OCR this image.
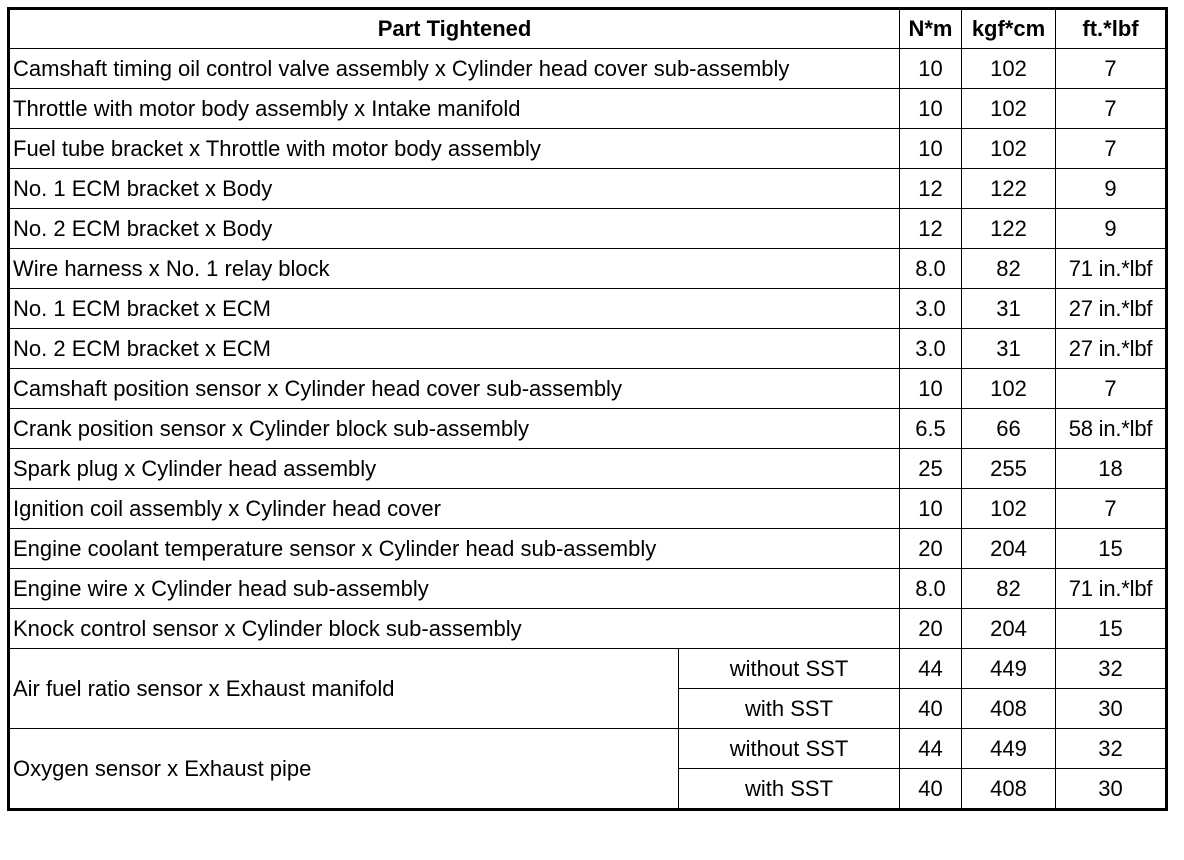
Part Tightened		N*m	kgf*cm	ft.*lbf
Camshaft timing oil control valve assembly x Cylinder head cover sub-assembly		10	102	7
Throttle with motor body assembly x Intake manifold		10	102	7
Fuel tube bracket x Throttle with motor body assembly		10	102	7
No. 1 ECM bracket x Body		12	122	9
No. 2 ECM bracket x Body		12	122	9
Wire harness x No. 1 relay block		8.0	82	71 in.*lbf
No. 1 ECM bracket x ECM		3.0	31	27 in.*lbf
No. 2 ECM bracket x ECM		3.0	31	27 in.*lbf
Camshaft position sensor x Cylinder head cover sub-assembly		10	102	7
Crank position sensor x Cylinder block sub-assembly		6.5	66	58 in.*lbf
Spark plug x Cylinder head assembly		25	255	18
Ignition coil assembly x Cylinder head cover		10	102	7
Engine coolant temperature sensor x Cylinder head sub-assembly		20	204	15
Engine wire x Cylinder head sub-assembly		8.0	82	71 in.*lbf
Knock control sensor x Cylinder block sub-assembly		20	204	15
Air fuel ratio sensor x Exhaust manifold	without SST	44	449	32
	with SST	40	408	30
Oxygen sensor x Exhaust pipe	without SST	44	449	32
	with SST	40	408	30
